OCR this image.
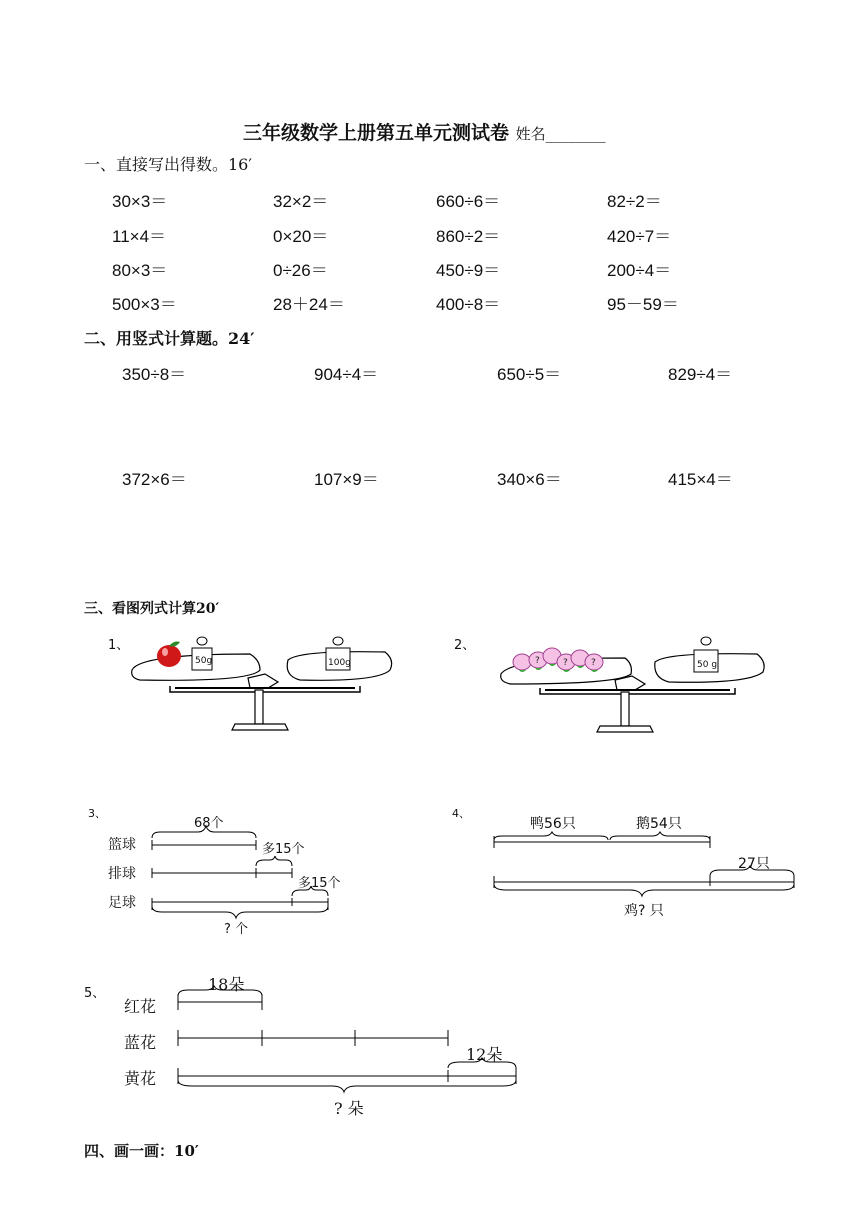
三年级数学上册第五单元测试卷 姓名________
一、直接写出得数。16′
30×3＝	32×2＝	660÷6＝	82÷2＝
11×4＝	0×20＝	860÷2＝	420÷7＝
80×3＝	0÷26＝	450÷9＝	200÷4＝
500×3＝	28＋24＝	400÷8＝	95－59＝
二、用竖式计算题。24′
350÷8＝	904÷4＝	650÷5＝	829÷4＝
372×6＝	107×9＝	340×6＝	415×4＝
三、看图列式计算20′
1、
50g	100g
2、
?	?	?	50 g
3、
68个
篮球
排球
足球
多15个
多15个
? 个
4、
鸭56只	鹅54只
27只
鸡? 只
5、	18朵
红花
蓝花
黄花
12朵
? 朵
四、画一画：10′
